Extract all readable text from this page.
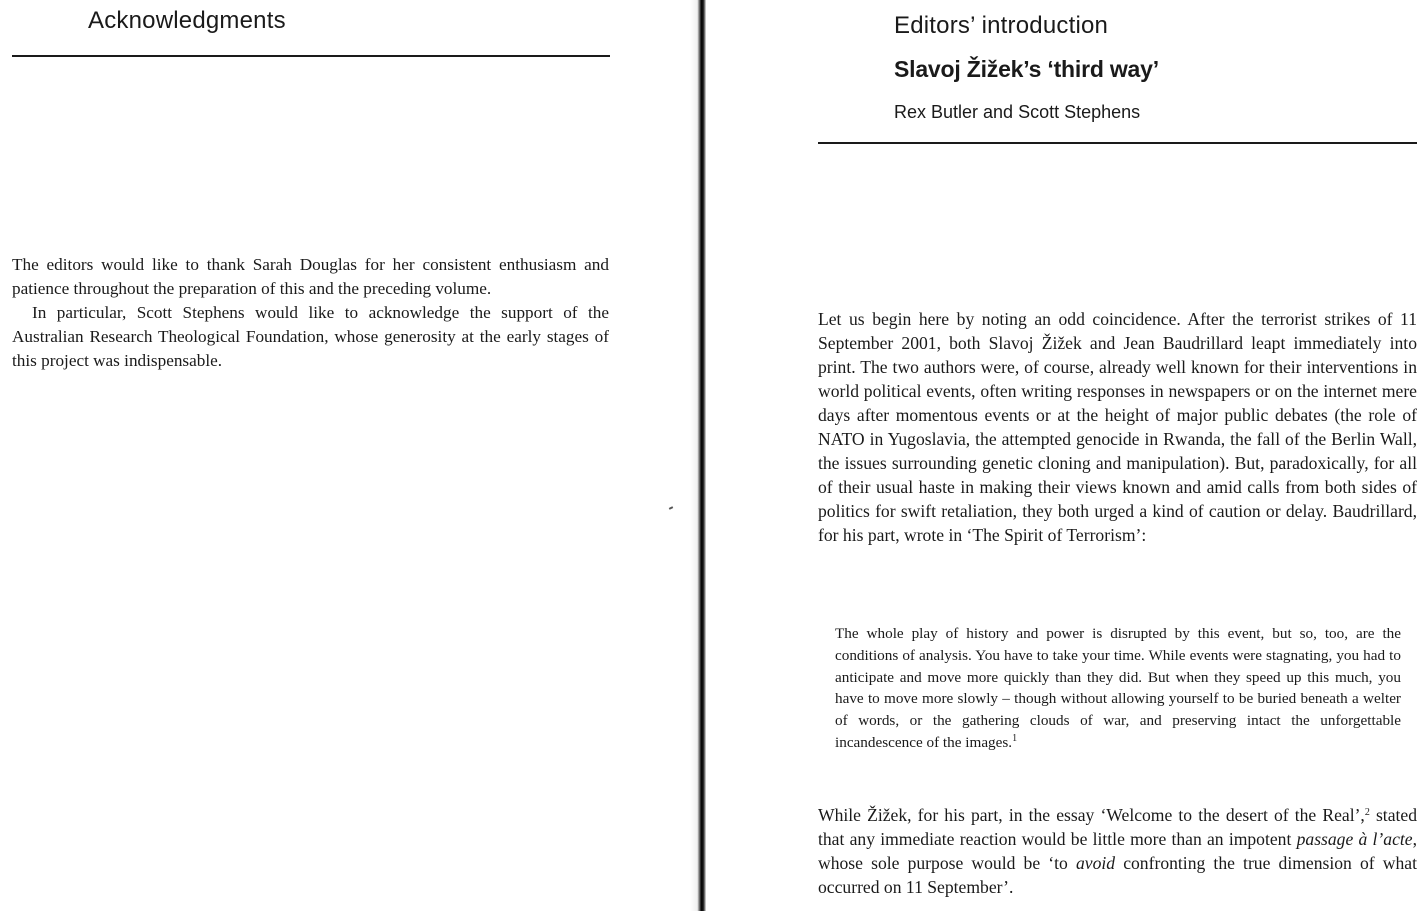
Acknowledgments

The editors would like to thank Sarah Douglas for her consistent enthusiasm and patience throughout the preparation of this and the preceding volume.

In particular, Scott Stephens would like to acknowledge the support of the Australian Research Theological Foundation, whose generosity at the early stages of this project was indispensable.

Editors’ introduction
Slavoj Žižek’s ‘third way’
Rex Butler and Scott Stephens

Let us begin here by noting an odd coincidence. After the terrorist strikes of 11 September 2001, both Slavoj Žižek and Jean Baudrillard leapt immediately into print. The two authors were, of course, already well known for their interventions in world political events, often writing responses in newspapers or on the internet mere days after momentous events or at the height of major public debates (the role of NATO in Yugoslavia, the attempted genocide in Rwanda, the fall of the Berlin Wall, the issues surrounding genetic cloning and manipulation). But, paradoxically, for all of their usual haste in making their views known and amid calls from both sides of politics for swift retaliation, they both urged a kind of caution or delay. Baudrillard, for his part, wrote in ‘The Spirit of Terrorism’:

The whole play of history and power is disrupted by this event, but so, too, are the conditions of analysis. You have to take your time. While events were stagnating, you had to anticipate and move more quickly than they did. But when they speed up this much, you have to move more slowly – though without allowing yourself to be buried beneath a welter of words, or the gathering clouds of war, and preserving intact the unforgettable incandescence of the images.$^1$

While Žižek, for his part, in the essay ‘Welcome to the desert of the Real’,$^2$ stated that any immediate reaction would be little more than an impotent passage à l’acte, whose sole purpose would be ‘to avoid confronting the true dimension of what occurred on 11 September’.
